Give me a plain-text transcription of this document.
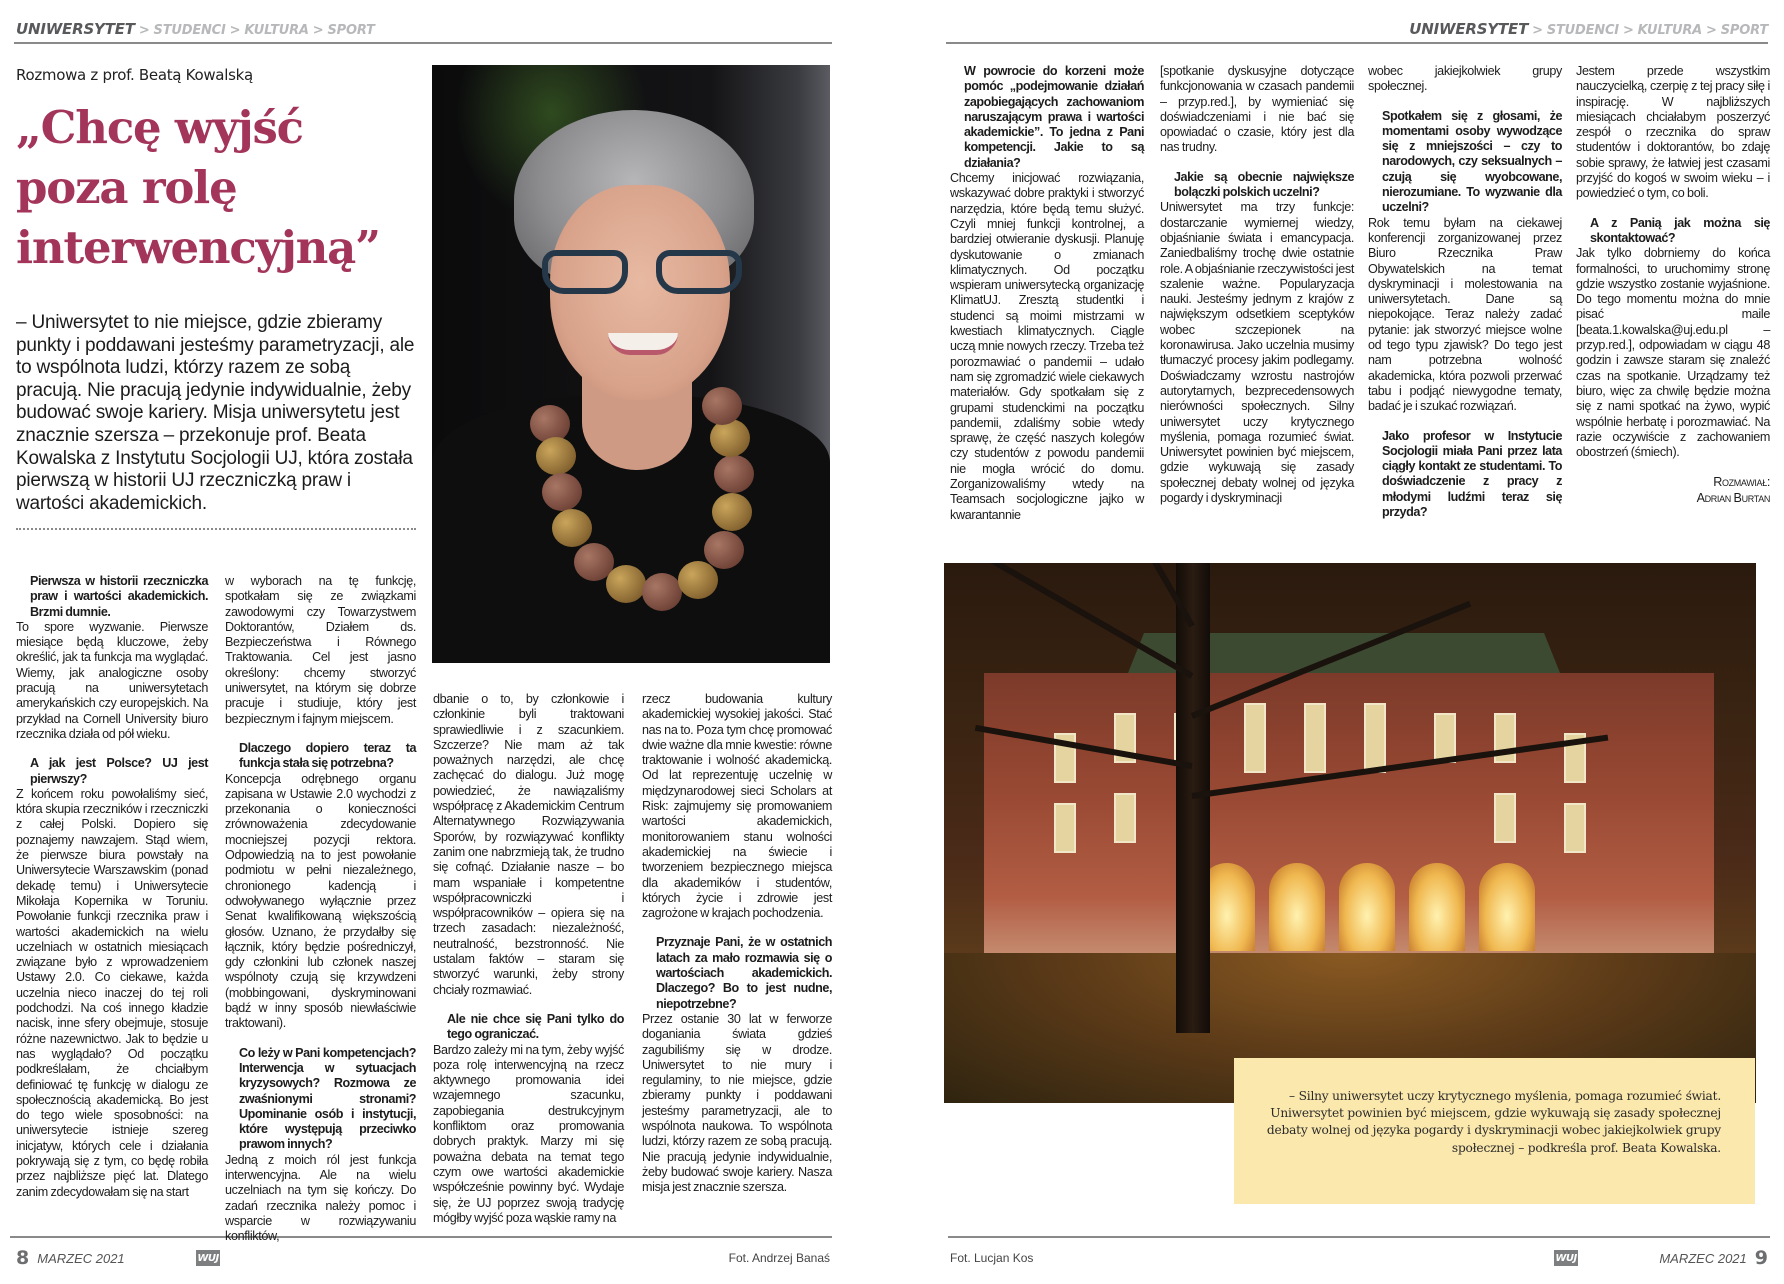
UNIWERSYTET > STUDENCI > KULTURA > SPORT
Rozmowa z prof. Beatą Kowalską
„Chcę wyjść poza rolę interwencyjną”

– Uniwersytet to nie miejsce, gdzie zbieramy punkty i poddawani jesteśmy parametryzacji, ale to wspólnota ludzi, którzy razem ze sobą pracują. Nie pracują jedynie indywidualnie, żeby budować swoje kariery. Misja uniwersytetu jest znacznie szersza – przekonuje prof. Beata Kowalska z Instytutu Socjologii UJ, która została pierwszą w historii UJ rzeczniczką praw i wartości akademickich.

Pierwsza w historii rzeczniczka praw i wartości akademickich. Brzmi dumnie.

To spore wyzwanie. Pierwsze miesiące będą kluczowe, żeby określić, jak ta funkcja ma wyglądać. Wiemy, jak analogiczne osoby pracują na uniwersytetach amerykańskich czy europejskich. Na przykład na Cornell University biuro rzecznika działa od pół wieku.

A jak jest Polsce? UJ jest pierwszy?

Z końcem roku powołaliśmy sieć, która skupia rzeczników i rzeczniczki z całej Polski. Dopiero się poznajemy nawzajem. Stąd wiem, że pierwsze biura powstały na Uniwersytecie Warszawskim (ponad dekadę temu) i Uniwersytecie Mikołaja Kopernika w Toruniu. Powołanie funkcji rzecznika praw i wartości akademickich na wielu uczelniach w ostatnich miesiącach związane było z wprowadzeniem Ustawy 2.0. Co ciekawe, każda uczelnia nieco inaczej do tej roli podchodzi. Na coś innego kładzie nacisk, inne sfery obejmuje, stosuje różne nazewnictwo. Jak to będzie u nas wyglądało? Od początku podkreślałam, że chciałbym definiować tę funkcję w dialogu ze społecznością akademicką. Bo jest do tego wiele sposobności: na uniwersytecie istnieje szereg inicjatyw, których cele i działania pokrywają się z tym, co będę robiła przez najbliższe pięć lat. Dlatego zanim zdecydowałam się na start

w wyborach na tę funkcję, spotkałam się ze związkami zawodowymi czy Towarzystwem Doktorantów, Działem ds. Bezpieczeństwa i Równego Traktowania. Cel jest jasno określony: chcemy stworzyć uniwersytet, na którym się dobrze pracuje i studiuje, który jest bezpiecznym i fajnym miejscem.

Dlaczego dopiero teraz ta funkcja stała się potrzebna?

Koncepcja odrębnego organu zapisana w Ustawie 2.0 wychodzi z przekonania o konieczności zrównoważenia zdecydowanie mocniejszej pozycji rektora. Odpowiedzią na to jest powołanie podmiotu w pełni niezależnego, chronionego kadencją i odwoływanego wyłącznie przez Senat kwalifikowaną większością głosów. Uznano, że przydałby się łącznik, który będzie pośredniczył, gdy członkini lub członek naszej wspólnoty czują się krzywdzeni (mobbingowani, dyskryminowani bądź w inny sposób niewłaściwie traktowani).

Co leży w Pani kompetencjach? Interwencja w sytuacjach kryzysowych? Rozmowa ze zwaśnionymi stronami? Upominanie osób i instytucji, które występują przeciwko prawom innych?

Jedną z moich ról jest funkcja interwencyjna. Ale na wielu uczelniach na tym się kończy. Do zadań rzecznika należy pomoc i wsparcie w rozwiązywaniu konfliktów,

dbanie o to, by członkowie i członkinie byli traktowani sprawiedliwie i z szacunkiem. Szczerze? Nie mam aż tak poważnych narzędzi, ale chcę zachęcać do dialogu. Już mogę powiedzieć, że nawiązaliśmy współpracę z Akademickim Centrum Alternatywnego Rozwiązywania Sporów, by rozwiązywać konflikty zanim one nabrzmieją tak, że trudno się cofnąć. Działanie nasze – bo mam wspaniałe i kompetentne współpracowniczki i współpracowników – opiera się na trzech zasadach: niezależność, neutralność, bezstronność. Nie ustalam faktów – staram się stworzyć warunki, żeby strony chciały rozmawiać.

Ale nie chce się Pani tylko do tego ograniczać.

Bardzo zależy mi na tym, żeby wyjść poza rolę interwencyjną na rzecz aktywnego promowania idei wzajemnego szacunku, zapobiegania destrukcyjnym konfliktom oraz promowania dobrych praktyk. Marzy mi się poważna debata na temat tego czym owe wartości akademickie współcześnie powinny być. Wydaje się, że UJ poprzez swoją tradycję mógłby wyjść poza wąskie ramy na

rzecz budowania kultury akademickiej wysokiej jakości. Stać nas na to. Poza tym chcę promować dwie ważne dla mnie kwestie: równe traktowanie i wolność akademicką. Od lat reprezentuję uczelnię w międzynarodowej sieci Scholars at Risk: zajmujemy się promowaniem wartości akademickich, monitorowaniem stanu wolności akademickiej na świecie i tworzeniem bezpiecznego miejsca dla akademików i studentów, których życie i zdrowie jest zagrożone w krajach pochodzenia.

Przyznaje Pani, że w ostatnich latach za mało rozmawia się o wartościach akademickich. Dlaczego? Bo to jest nudne, niepotrzebne?

Przez ostanie 30 lat w ferworze doganiania świata gdzieś zagubiliśmy się w drodze. Uniwersytet to nie mury i regulaminy, to nie miejsce, gdzie zbieramy punkty i poddawani jesteśmy parametryzacji, ale to wspólnota naukowa. To wspólnota ludzi, którzy razem ze sobą pracują. Nie pracują jedynie indywidualnie, żeby budować swoje kariery. Nasza misja jest znacznie szersza.

8 MARZEC 2021	WUJ	Fot. Andrzej Banaś
UNIWERSYTET > STUDENCI > KULTURA > SPORT

W powrocie do korzeni może pomóc „podejmowanie działań zapobiegających zachowaniom naruszającym prawa i wartości akademickie”. To jedna z Pani kompetencji. Jakie to są działania?

Chcemy inicjować rozwiązania, wskazywać dobre praktyki i stworzyć narzędzia, które będą temu służyć. Czyli mniej funkcji kontrolnej, a bardziej otwieranie dyskusji. Planuję dyskutowanie o zmianach klimatycznych. Od początku wspieram uniwersytecką organizację KlimatUJ. Zresztą studentki i studenci są moimi mistrzami w kwestiach klimatycznych. Ciągle uczą mnie nowych rzeczy. Trzeba też porozmawiać o pandemii – udało nam się zgromadzić wiele ciekawych materiałów. Gdy spotkałam się z grupami studenckimi na początku pandemii, zdaliśmy sobie wtedy sprawę, że część naszych kolegów czy studentów z powodu pandemii nie mogła wrócić do domu. Zorganizowaliśmy wtedy na Teamsach socjologiczne jajko w kwarantannie

[spotkanie dyskusyjne dotyczące funkcjonowania w czasach pandemii – przyp.red.], by wymieniać się doświadczeniami i nie bać się opowiadać o czasie, który jest dla nas trudny.

Jakie są obecnie największe bolączki polskich uczelni?

Uniwersytet ma trzy funkcje: dostarczanie wymiernej wiedzy, objaśnianie świata i emancypacja. Zaniedbaliśmy trochę dwie ostatnie role. A objaśnianie rzeczywistości jest szalenie ważne. Popularyzacja nauki. Jesteśmy jednym z krajów z największym odsetkiem sceptyków wobec szczepionek na koronawirusa. Jako uczelnia musimy tłumaczyć procesy jakim podlegamy. Doświadczamy wzrostu nastrojów autorytarnych, bezprecedensowych nierówności społecznych. Silny uniwersytet uczy krytycznego myślenia, pomaga rozumieć świat. Uniwersytet powinien być miejscem, gdzie wykuwają się zasady społecznej debaty wolnej od języka pogardy i dyskryminacji

wobec jakiejkolwiek grupy społecznej.

Spotkałem się z głosami, że momentami osoby wywodzące się z mniejszości – czy to narodowych, czy seksualnych – czują się wyobcowane, nierozumiane. To wyzwanie dla uczelni?

Rok temu byłam na ciekawej konferencji zorganizowanej przez Biuro Rzecznika Praw Obywatelskich na temat dyskryminacji i molestowania na uniwersytetach. Dane są niepokojące. Teraz należy zadać pytanie: jak stworzyć miejsce wolne od tego typu zjawisk? Do tego jest nam potrzebna wolność akademicka, która pozwoli przerwać tabu i podjąć niewygodne tematy, badać je i szukać rozwiązań.

Jako profesor w Instytucie Socjologii miała Pani przez lata ciągły kontakt ze studentami. To doświadczenie z pracy z młodymi ludźmi teraz się przyda?

Jestem przede wszystkim nauczycielką, czerpię z tej pracy siłę i inspirację. W najbliższych miesiącach chciałabym poszerzyć zespół o rzecznika do spraw studentów i doktorantów, bo zdaję sobie sprawy, że łatwiej jest czasami przyjść do kogoś w swoim wieku – i powiedzieć o tym, co boli.

A z Panią jak można się skontaktować?

Jak tylko dobrniemy do końca formalności, to uruchomimy stronę gdzie wszystko zostanie wyjaśnione. Do tego momentu można do mnie pisać maile [beata.1.kowalska@uj.edu.pl – przyp.red.], odpowiadam w ciągu 48 godzin i zawsze staram się znaleźć czas na spotkanie. Urządzamy też biuro, więc za chwilę będzie można się z nami spotkać na żywo, wypić wspólnie herbatę i porozmawiać. Na razie oczywiście z zachowaniem obostrzeń (śmiech).

Rozmawiał:
Adrian Burtan
Fot. Lucjan Kos	WUJ	MARZEC 2021 9

– Silny uniwersytet uczy krytycznego myślenia, pomaga rozumieć świat. Uniwersytet powinien być miejscem, gdzie wykuwają się zasady społecznej debaty wolnej od języka pogardy i dyskryminacji wobec jakiejkolwiek grupy społecznej – podkreśla prof. Beata Kowalska.
